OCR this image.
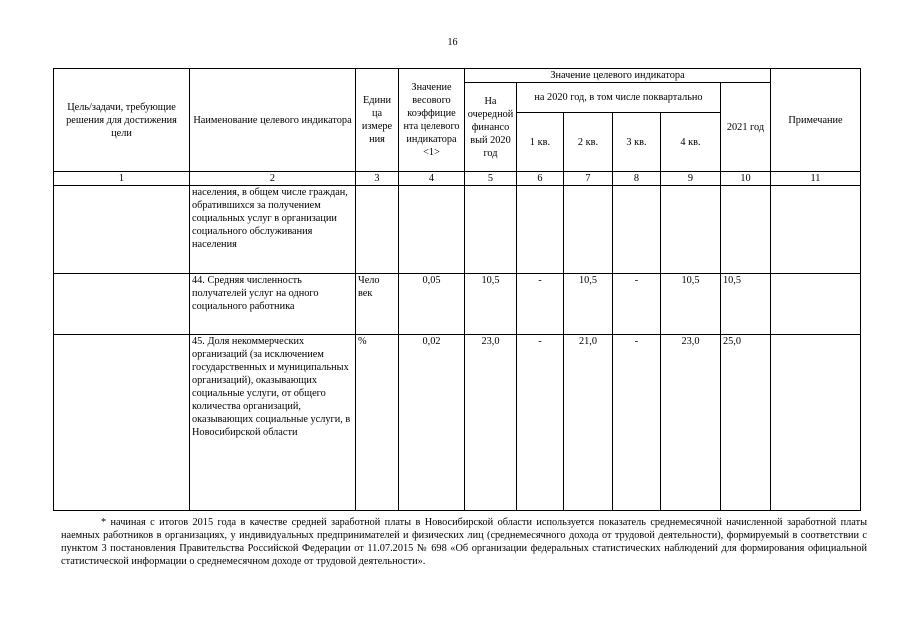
16
Цель/задачи, требующие решения для достижения цели	Наименование целевого индикатора	Едини ца измере ния	Значение весового коэффицие нта целевого индикатора <1>	Значение целевого индикатора						Примечание
				На очередной финансо вый 2020 год	на 2020 год, в том числе поквартально				2021 год	
					1 кв.	2 кв.	3 кв.	4 кв.		
1	2	3	4	5	6	7	8	9	10	11
	населения, в общем числе граждан, обратившихся за получением социальных услуг в организации социального обслуживания населения									
	44. Средняя численность получателей услуг на одного социального работника	Чело век	0,05	10,5	-	10,5	-	10,5	10,5	
	45. Доля некоммерческих организаций (за исключением государственных и муниципальных организаций), оказывающих социальные услуги, от общего количества организаций, оказывающих социальные услуги, в Новосибирской области	%	0,02	23,0	-	21,0	-	23,0	25,0	
* начиная с итогов 2015 года в качестве средней заработной платы в Новосибирской области используется показатель среднемесячной начисленной заработной платы наемных работников в организациях, у индивидуальных предпринимателей и физических лиц (среднемесячного дохода от трудовой деятельности), формируемый в соответствии с пунктом 3 постановления Правительства Российской Федерации от 11.07.2015 № 698 «Об организации федеральных статистических наблюдений для формирования официальной статистической информации о среднемесячном доходе от трудовой деятельности».
